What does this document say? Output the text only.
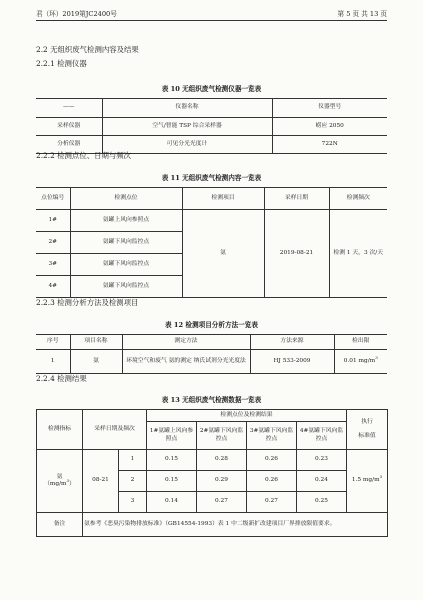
君（环）2019第JC2400号	第 5 页 共 13 页
2.2 无组织废气检测内容及结果
2.2.1 检测仪器
表 10 无组织废气检测仪器一览表
——	仪器名称	仪器型号
采样仪器	空气/智能 TSP 综合采样器	崂应 2050
分析仪器	可见分光光度计	722N
2.2.2 检测点位、日期与频次
表 11 无组织废气检测内容一览表
点位编号	检测点位	检测项目	采样日期	检测频次
1#	氨罐上风向参照点	氨	2019-08-21	检测 1 天，3 次/天
2#	氨罐下风向监控点			
3#	氨罐下风向监控点			
4#	氨罐下风向监控点			
2.2.3 检测分析方法及检测项目
表 12 检测项目分析方法一览表
序号	项目名称	测定方法	方法来源	检出限
1	氨	环境空气和废气 氨的测定 纳氏试剂分光光度法	HJ 533-2009	0.01 $mg/m^3$
2.2.4 检测结果
表 13 无组织废气检测数据一览表
检测指标	采样日期及频次		检测点位及检测结果				执行

标准值
			1#氨罐上风向参照点	2#氨罐下风向监控点	3#氨罐下风向监控点	4#氨罐下风向监控点	
氨
$(mg/m^3)$	08-21	1	0.15	0.28	0.26	0.23	1.5 $mg/m^3$
		2	0.15	0.29	0.26	0.24	
		3	0.14	0.27	0.27	0.25	
备注	氨参考《恶臭污染物排放标准》（GB14554-1993）表 1 中二级新扩改建项目厂界排放限值要求。						
